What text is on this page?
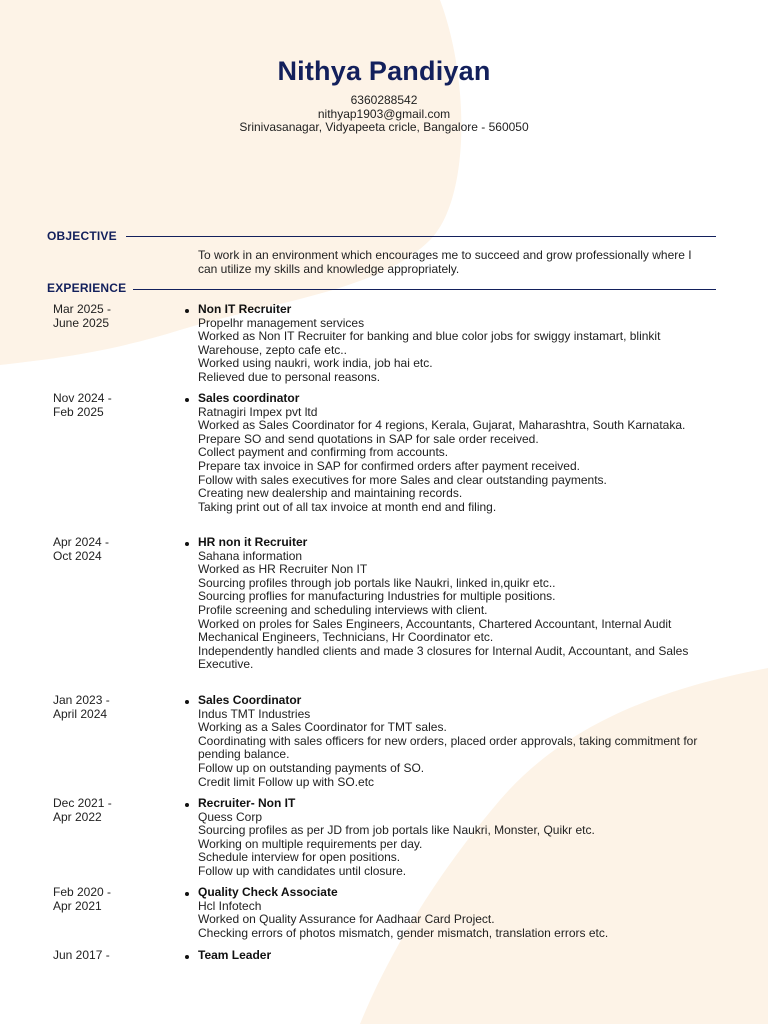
Nithya Pandiyan
6360288542
nithyap1903@gmail.com
Srinivasanagar, Vidyapeeta cricle, Bangalore - 560050
OBJECTIVE
To work in an environment which encourages me to succeed and grow professionally where I can utilize my skills and knowledge appropriately.
EXPERIENCE
Mar 2025 - June 2025
Non IT Recruiter
Propelhr management services
Worked as Non IT Recruiter for banking and blue color jobs for swiggy instamart, blinkit Warehouse, zepto cafe etc..
Worked using naukri, work india, job hai etc.
Relieved due to personal reasons.
Nov 2024 - Feb 2025
Sales coordinator
Ratnagiri Impex pvt ltd
Worked as Sales Coordinator for 4 regions, Kerala, Gujarat, Maharashtra, South Karnataka.
Prepare SO and send quotations in SAP for sale order received.
Collect payment and confirming from accounts.
Prepare tax invoice in SAP for confirmed orders after payment received.
Follow with sales executives for more Sales and clear outstanding payments.
Creating new dealership and maintaining records.
Taking print out of all tax invoice at month end and filing.
Apr 2024 - Oct 2024
HR non it Recruiter
Sahana information
Worked as HR Recruiter Non IT
Sourcing profiles through job portals like Naukri, linked in,quikr etc..
Sourcing proflies for manufacturing Industries for multiple positions.
Profile screening and scheduling interviews with client.
Worked on proles for Sales Engineers, Accountants, Chartered Accountant, Internal Audit Mechanical Engineers, Technicians, Hr Coordinator etc.
Independently handled clients and made 3 closures for Internal Audit, Accountant, and Sales Executive.
Jan 2023 - April 2024
Sales Coordinator
Indus TMT Industries
Working as a Sales Coordinator for TMT sales.
Coordinating with sales officers for new orders, placed order approvals, taking commitment for pending balance.
Follow up on outstanding payments of SO.
Credit limit Follow up with SO.etc
Dec 2021 - Apr 2022
Recruiter- Non IT
Quess Corp
Sourcing profiles as per JD from job portals like Naukri, Monster, Quikr etc.
Working on multiple requirements per day.
Schedule interview for open positions.
Follow up with candidates until closure.
Feb 2020 - Apr 2021
Quality Check Associate
Hcl Infotech
Worked on Quality Assurance for Aadhaar Card Project.
Checking errors of photos mismatch, gender mismatch, translation errors etc.
Jun 2017 -	Team Leader
